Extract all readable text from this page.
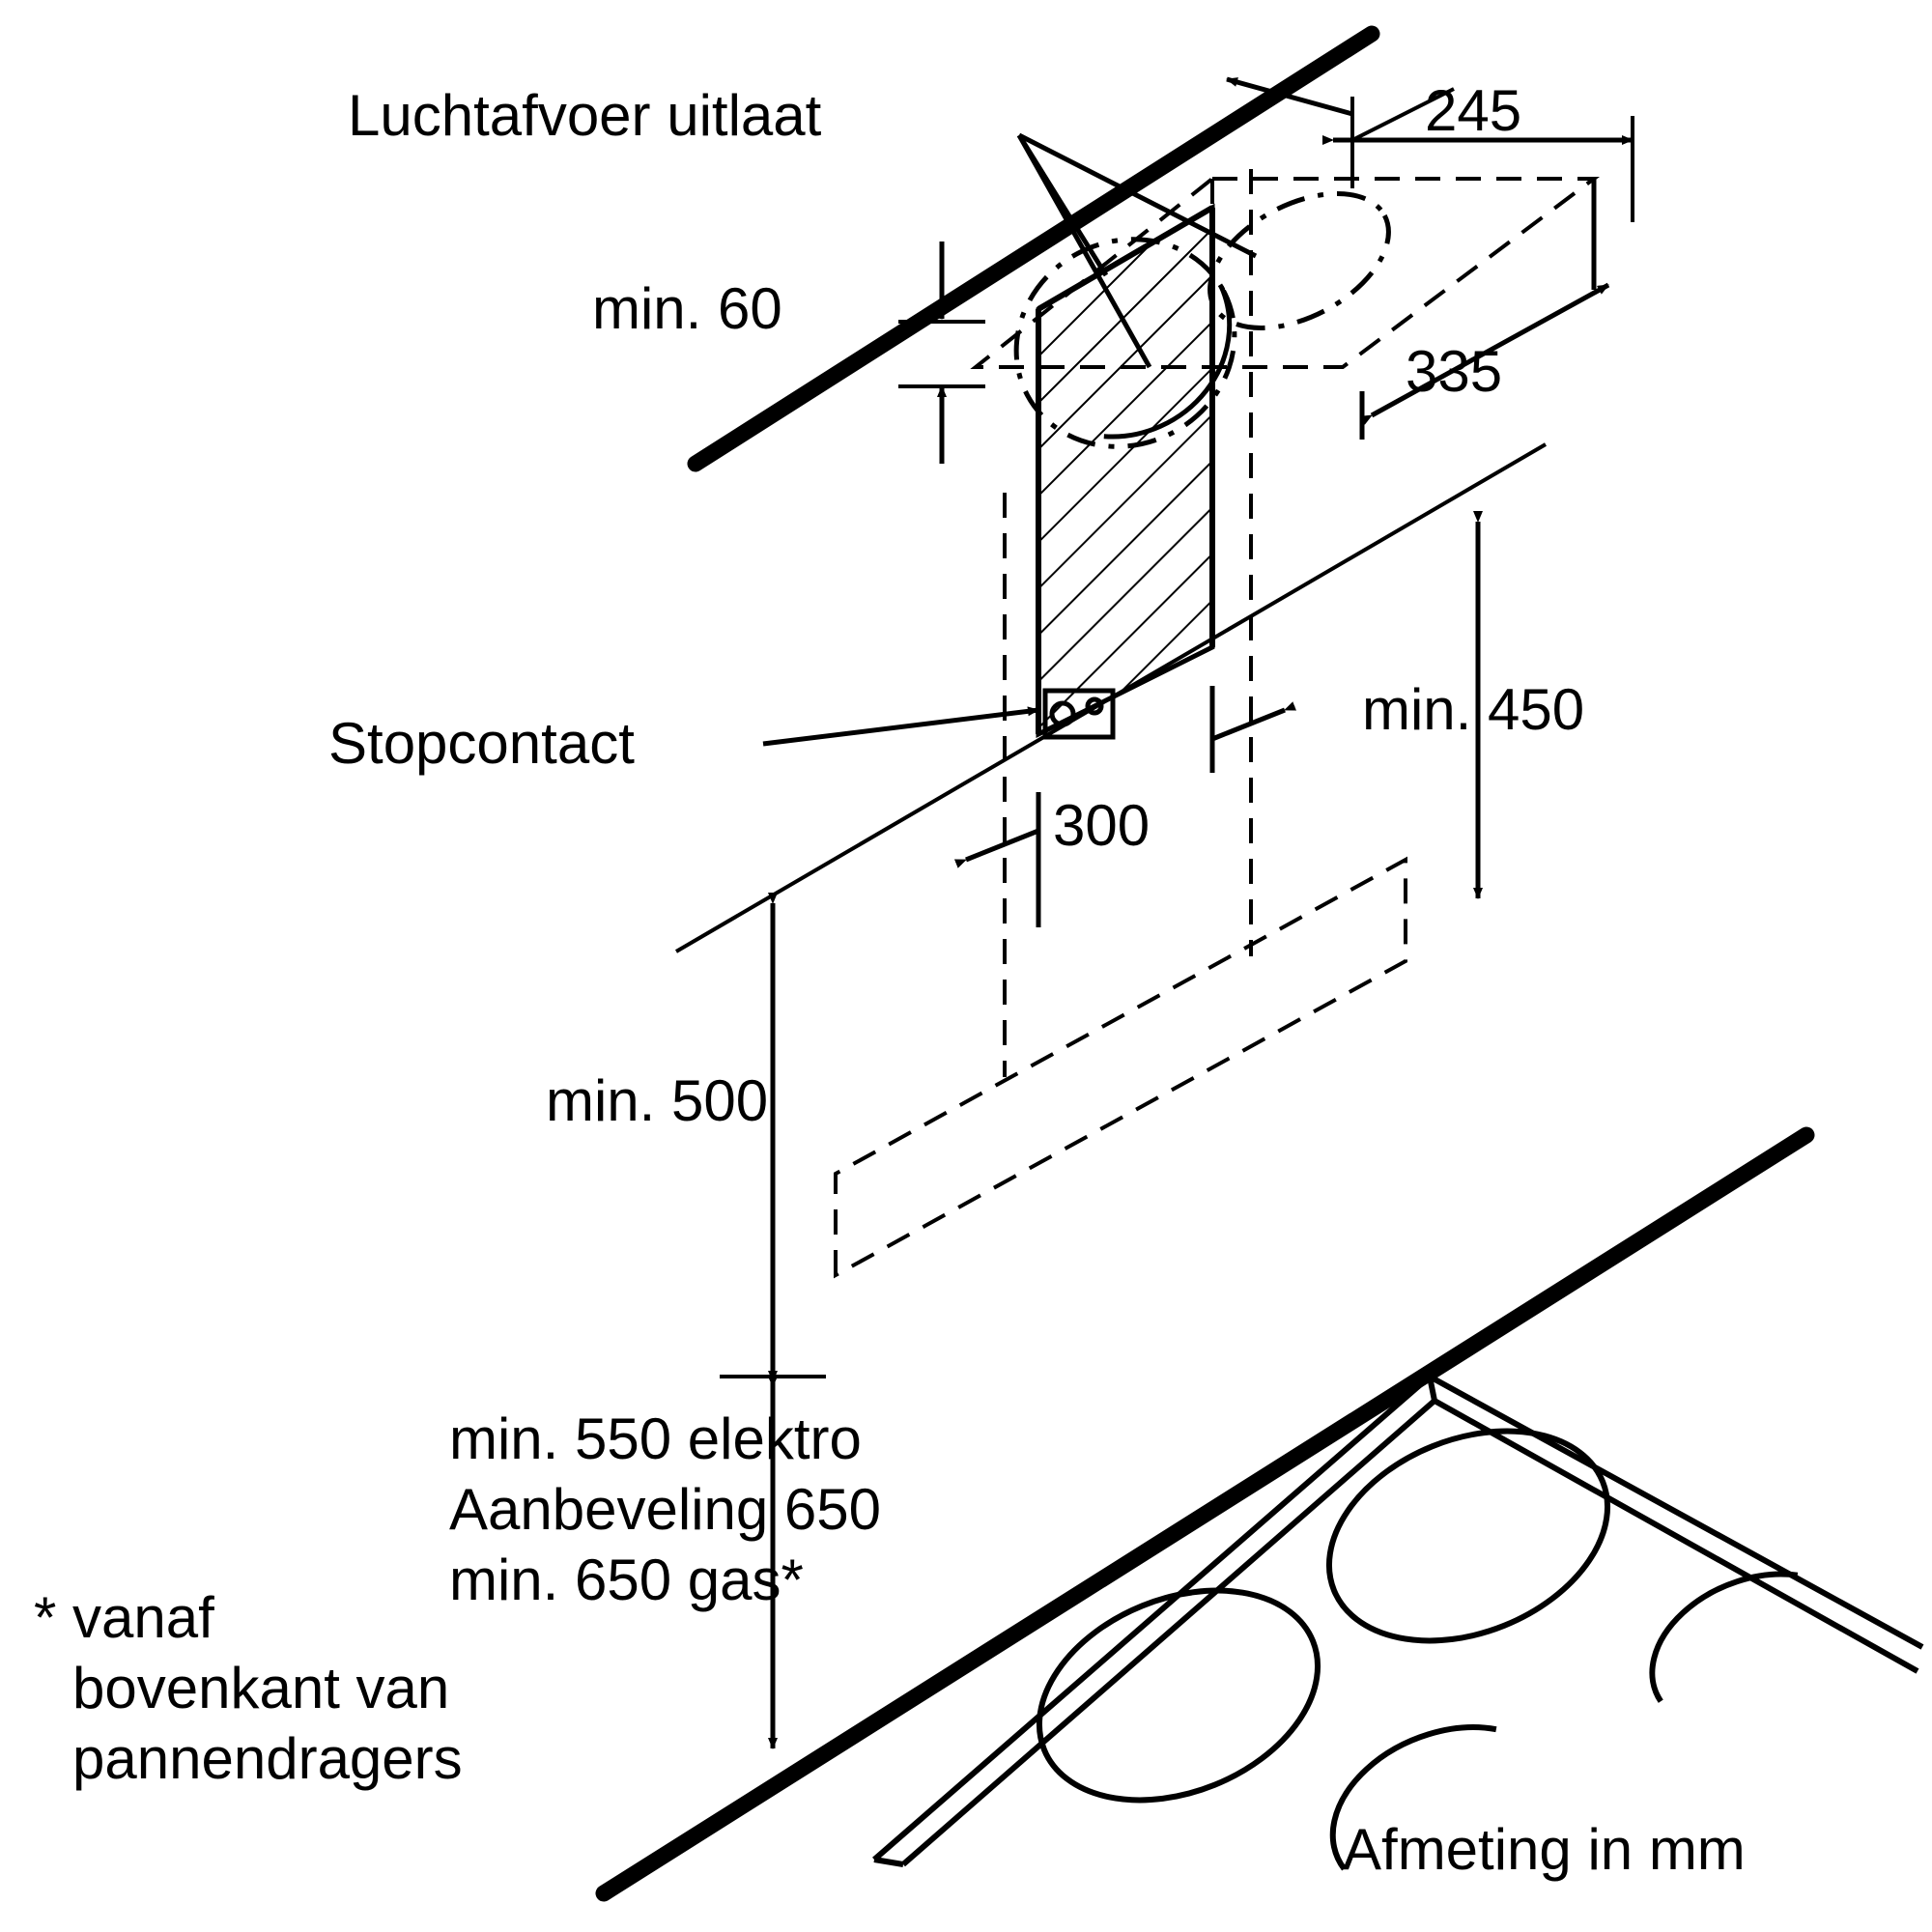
Luchtafvoer uitlaat
min. 60
245
335
Stopcontact
300
min. 450
min. 500
min. 550 elektro
Aanbeveling 650
min. 650 gas*
* vanaf
bovenkant van
pannendragers
Afmeting in mm
